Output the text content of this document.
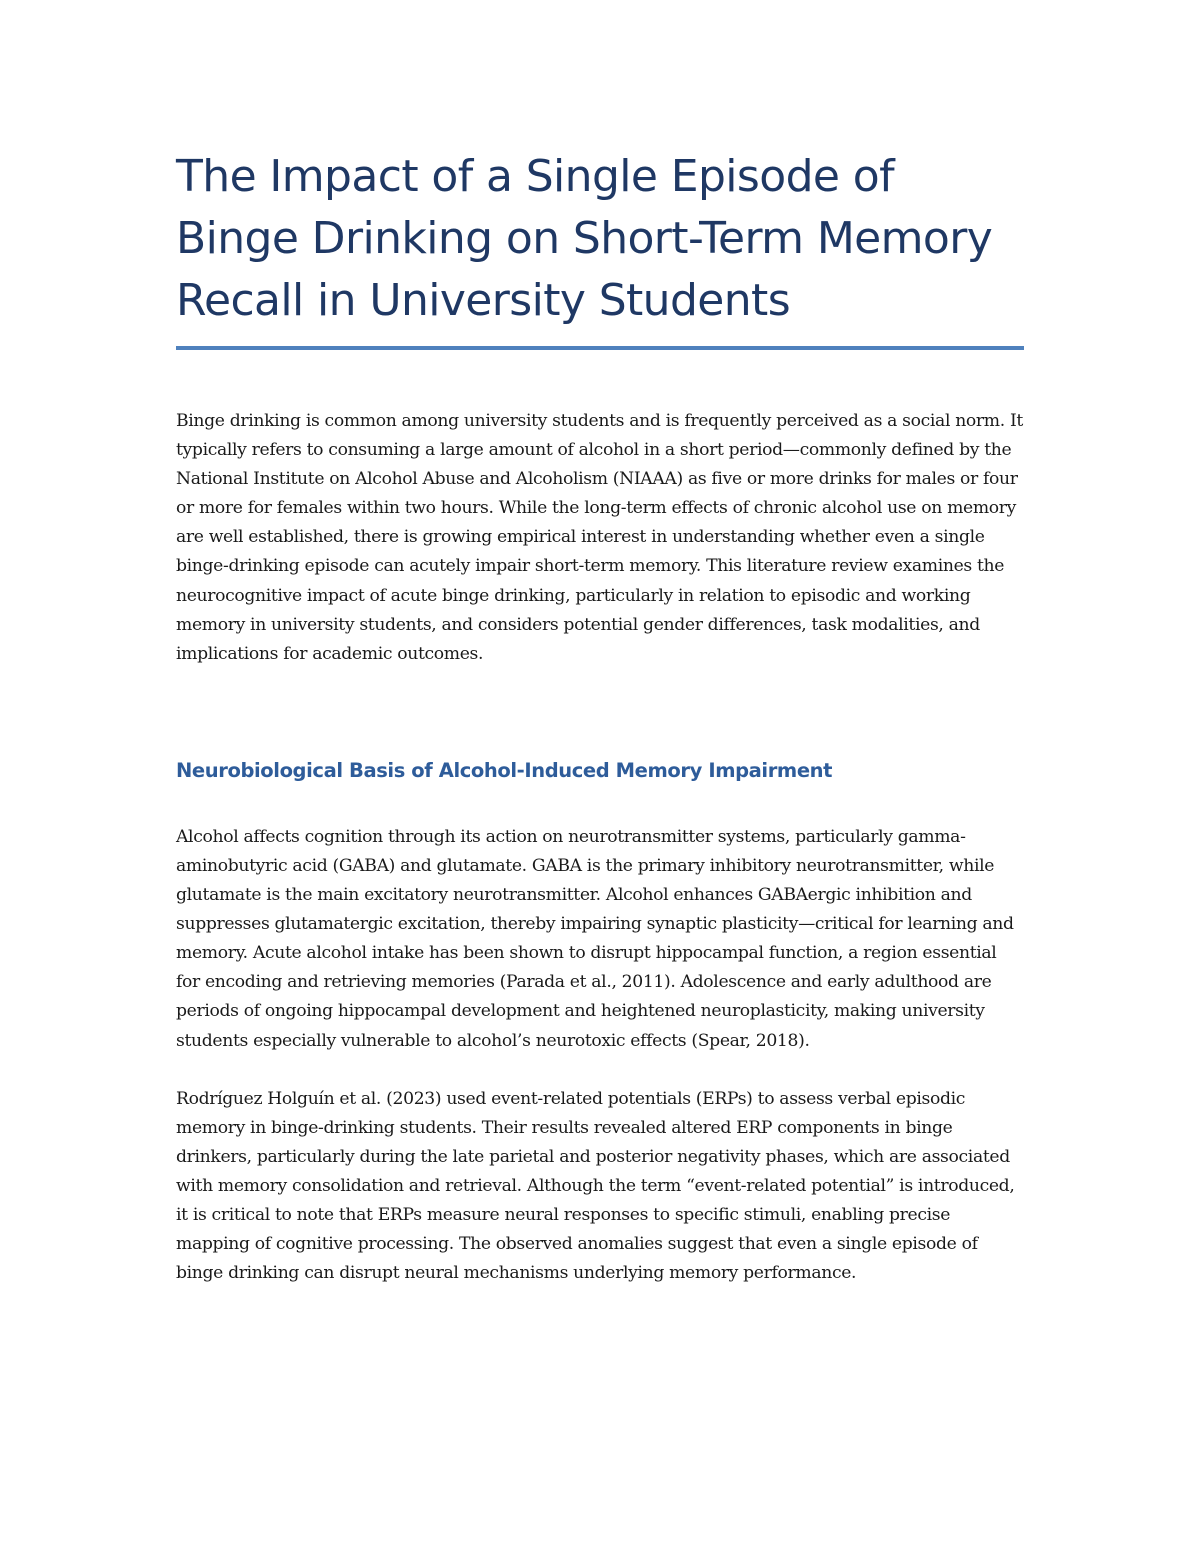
The Impact of a Single Episode of Binge Drinking on Short-Term Memory Recall in University Students

Binge drinking is common among university students and is frequently perceived as a social norm. It typically refers to consuming a large amount of alcohol in a short period—commonly defined by the National Institute on Alcohol Abuse and Alcoholism (NIAAA) as five or more drinks for males or four or more for females within two hours. While the long-term effects of chronic alcohol use on memory are well established, there is growing empirical interest in understanding whether even a single binge-drinking episode can acutely impair short-term memory. This literature review examines the neurocognitive impact of acute binge drinking, particularly in relation to episodic and working memory in university students, and considers potential gender differences, task modalities, and implications for academic outcomes.

Neurobiological Basis of Alcohol-Induced Memory Impairment

Alcohol affects cognition through its action on neurotransmitter systems, particularly gamma-aminobutyric acid (GABA) and glutamate. GABA is the primary inhibitory neurotransmitter, while glutamate is the main excitatory neurotransmitter. Alcohol enhances GABAergic inhibition and suppresses glutamatergic excitation, thereby impairing synaptic plasticity—critical for learning and memory. Acute alcohol intake has been shown to disrupt hippocampal function, a region essential for encoding and retrieving memories (Parada et al., 2011). Adolescence and early adulthood are periods of ongoing hippocampal development and heightened neuroplasticity, making university students especially vulnerable to alcohol’s neurotoxic effects (Spear, 2018).

Rodríguez Holguín et al. (2023) used event-related potentials (ERPs) to assess verbal episodic memory in binge-drinking students. Their results revealed altered ERP components in binge drinkers, particularly during the late parietal and posterior negativity phases, which are associated with memory consolidation and retrieval. Although the term “event-related potential” is introduced, it is critical to note that ERPs measure neural responses to specific stimuli, enabling precise mapping of cognitive processing. The observed anomalies suggest that even a single episode of binge drinking can disrupt neural mechanisms underlying memory performance.
